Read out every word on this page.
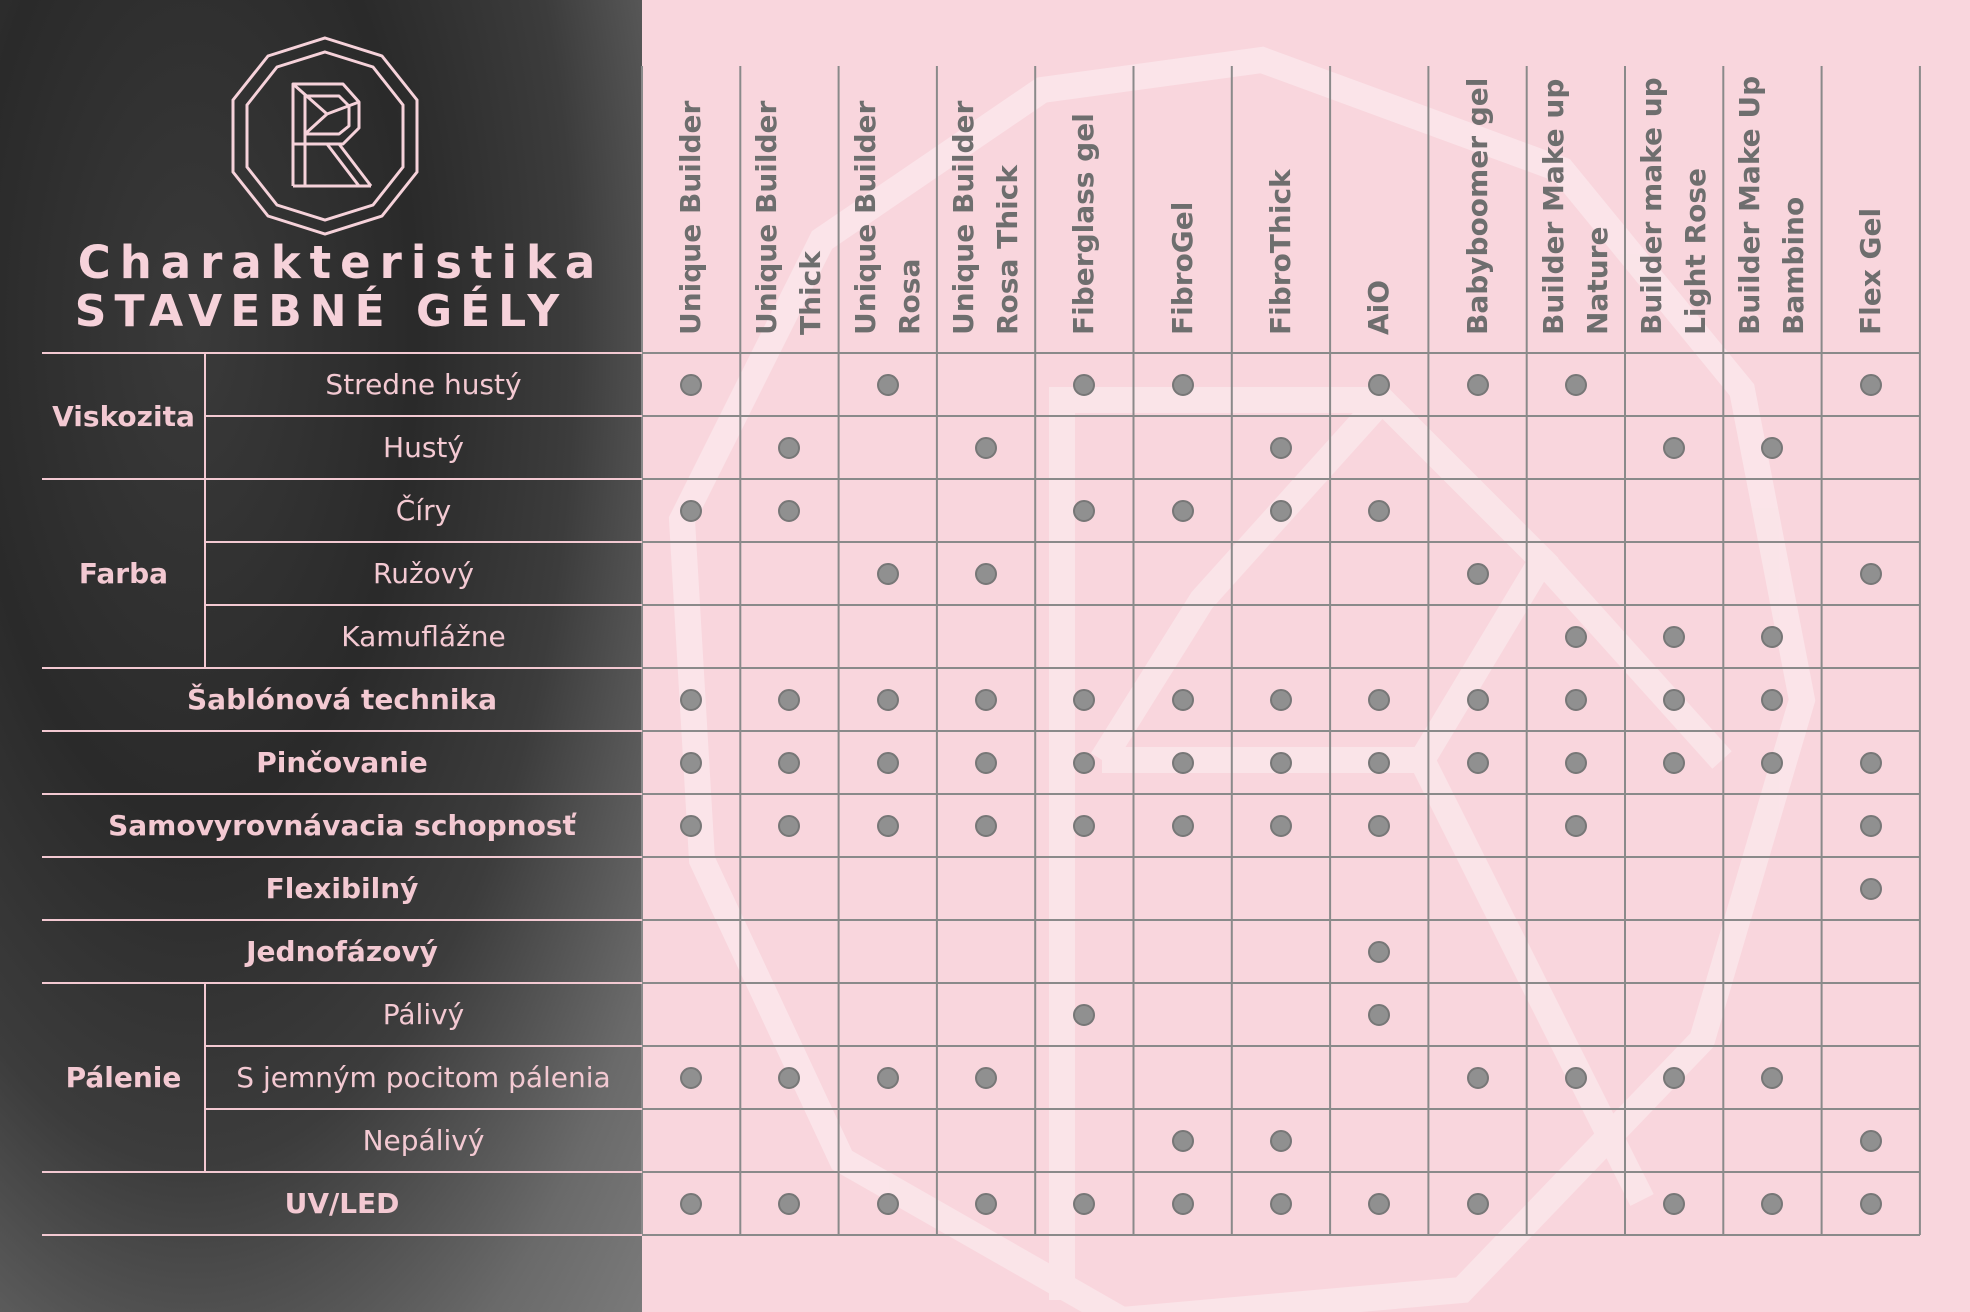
Charakteristika
STAVEBNÉ GÉLY
Viskozita
Stredne hustý
Hustý
Farba
Číry
Ružový
Kamuflážne
Šablónová technika
Pinčovanie
Samovyrovnávacia schopnosť
Flexibilný
Jednofázový
Pálenie
Pálivý
S jemným pocitom pálenia
Nepálivý
UV/LED
Unique Builder Unique Builder Thick Unique Builder Rosa Unique Builder Rosa Thick Fiberglass gel FibroGel FibroThick AiO Babyboomer gel Builder Make up Nature Builder make up Light Rose Builder Make Up Bambino Flex Gel
